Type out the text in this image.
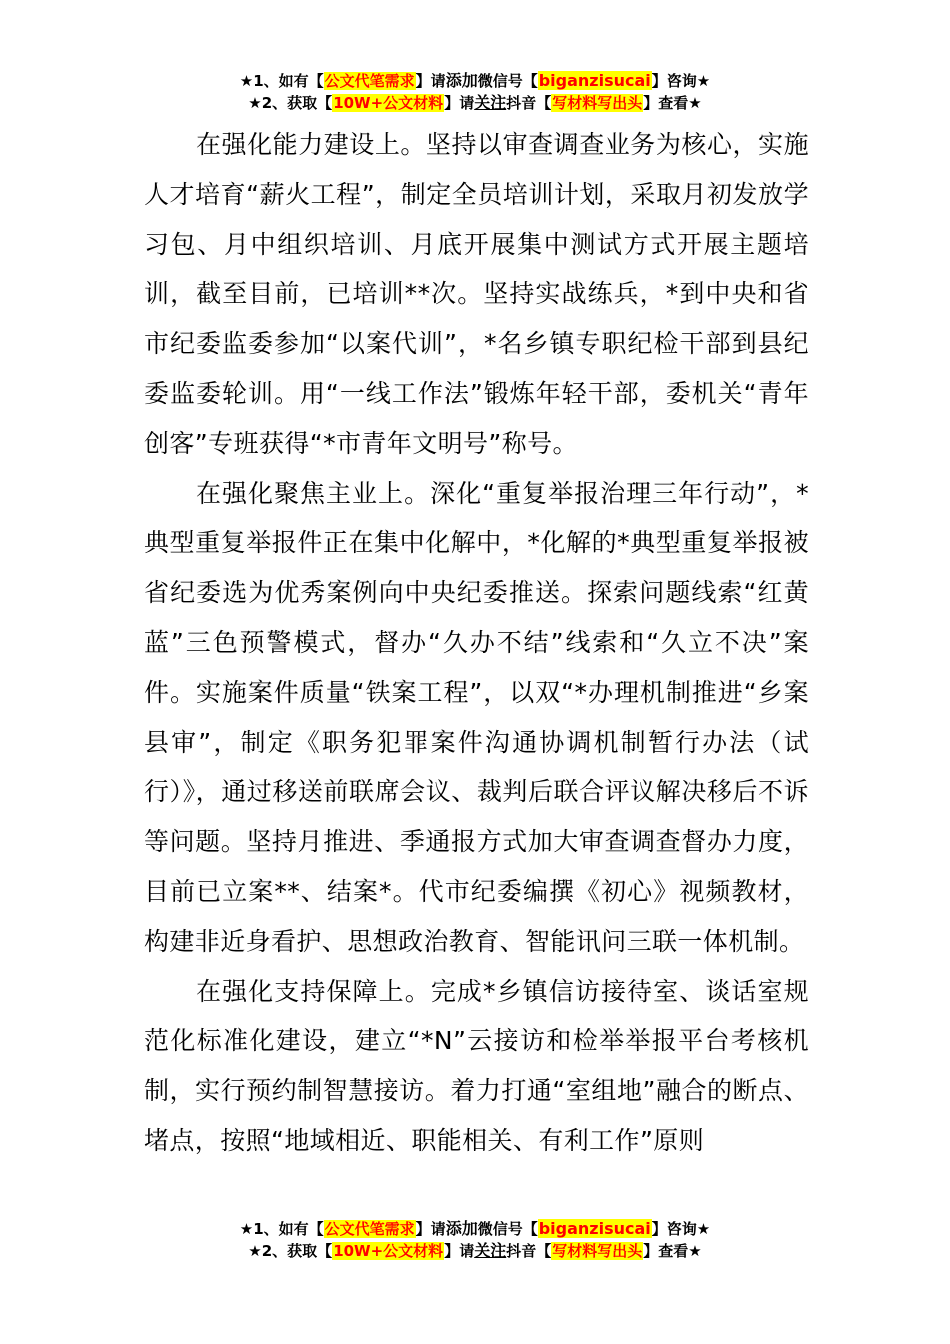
★1、如有【公文代笔需求】请添加微信号【biganzisucai】咨询★
★2、获取【10W+公文材料】请关注抖音【写材料写出头】查看★

在强化能力建设上。坚持以审查调查业务为核心，实施人才培育“薪火工程”，制定全员培训计划，采取月初发放学习包、月中组织培训、月底开展集中测试方式开展主题培训，截至目前，已培训**次。坚持实战练兵，*到中央和省市纪委监委参加“以案代训”，*名乡镇专职纪检干部到县纪委监委轮训。用“一线工作法”锻炼年轻干部，委机关“青年创客”专班获得“*市青年文明号”称号。

在强化聚焦主业上。深化“重复举报治理三年行动”，*典型重复举报件正在集中化解中，*化解的*典型重复举报被省纪委选为优秀案例向中央纪委推送。探索问题线索“红黄蓝”三色预警模式，督办“久办不结”线索和“久立不决”案件。实施案件质量“铁案工程”，以双“*办理机制推进“乡案县审”，制定《职务犯罪案件沟通协调机制暂行办法（试行）》，通过移送前联席会议、裁判后联合评议解决移后不诉等问题。坚持月推进、季通报方式加大审查调查督办力度，目前已立案**、结案*。代市纪委编撰《初心》视频教材，构建非近身看护、思想政治教育、智能讯问三联一体机制。

在强化支持保障上。完成*乡镇信访接待室、谈话室规范化标准化建设，建立“*N”云接访和检举举报平台考核机制，实行预约制智慧接访。着力打通“室组地”融合的断点、堵点，按照“地域相近、职能相关、有利工作”原则

★1、如有【公文代笔需求】请添加微信号【biganzisucai】咨询★
★2、获取【10W+公文材料】请关注抖音【写材料写出头】查看★
